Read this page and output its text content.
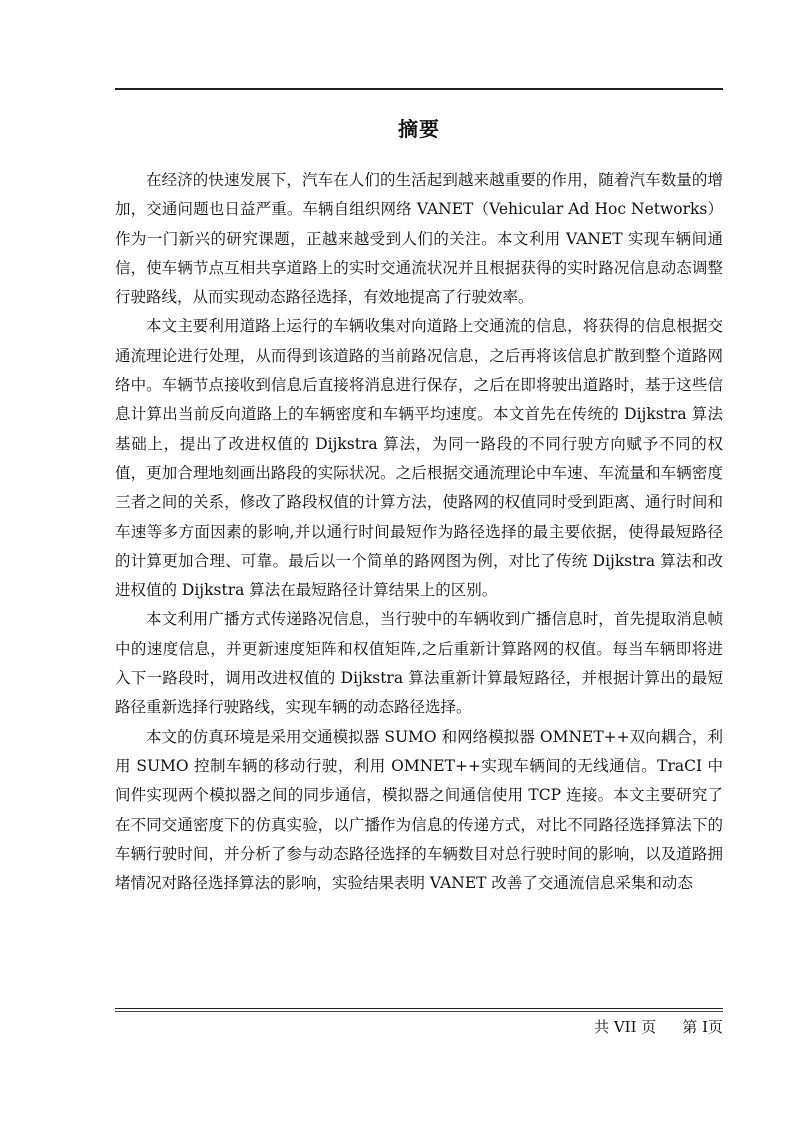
摘要

在经济的快速发展下，汽车在人们的生活起到越来越重要的作用，随着汽车数量的增加，交通问题也日益严重。车辆自组织网络 VANET（Vehicular Ad Hoc Networks）作为一门新兴的研究课题，正越来越受到人们的关注。本文利用 VANET 实现车辆间通信，使车辆节点互相共享道路上的实时交通流状况并且根据获得的实时路况信息动态调整行驶路线，从而实现动态路径选择，有效地提高了行驶效率。

本文主要利用道路上运行的车辆收集对向道路上交通流的信息，将获得的信息根据交通流理论进行处理，从而得到该道路的当前路况信息，之后再将该信息扩散到整个道路网络中。车辆节点接收到信息后直接将消息进行保存，之后在即将驶出道路时，基于这些信息计算出当前反向道路上的车辆密度和车辆平均速度。本文首先在传统的 Dijkstra 算法基础上，提出了改进权值的 Dijkstra 算法，为同一路段的不同行驶方向赋予不同的权值，更加合理地刻画出路段的实际状况。之后根据交通流理论中车速、车流量和车辆密度三者之间的关系，修改了路段权值的计算方法，使路网的权值同时受到距离、通行时间和车速等多方面因素的影响,并以通行时间最短作为路径选择的最主要依据，使得最短路径的计算更加合理、可靠。最后以一个简单的路网图为例，对比了传统 Dijkstra 算法和改进权值的 Dijkstra 算法在最短路径计算结果上的区别。

本文利用广播方式传递路况信息，当行驶中的车辆收到广播信息时，首先提取消息帧中的速度信息，并更新速度矩阵和权值矩阵,之后重新计算路网的权值。每当车辆即将进入下一路段时，调用改进权值的 Dijkstra 算法重新计算最短路径，并根据计算出的最短路径重新选择行驶路线，实现车辆的动态路径选择。

本文的仿真环境是采用交通模拟器 SUMO 和网络模拟器 OMNET++双向耦合，利用 SUMO 控制车辆的移动行驶，利用 OMNET++实现车辆间的无线通信。TraCI 中间件实现两个模拟器之间的同步通信，模拟器之间通信使用 TCP 连接。本文主要研究了在不同交通密度下的仿真实验，以广播作为信息的传递方式，对比不同路径选择算法下的车辆行驶时间，并分析了参与动态路径选择的车辆数目对总行驶时间的影响，以及道路拥堵情况对路径选择算法的影响，实验结果表明 VANET 改善了交通流信息采集和动态

共 VII 页 第 I页
